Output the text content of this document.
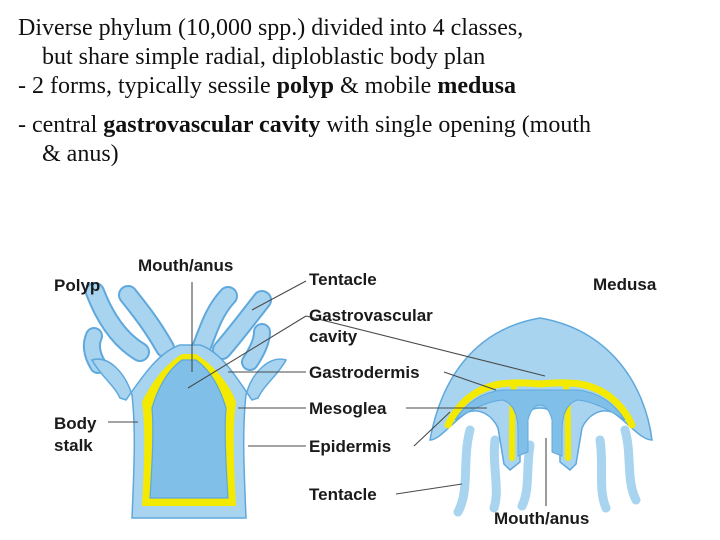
Diverse phylum (10,000 spp.) divided into 4 classes,
but share simple radial, diploblastic body plan
- 2 forms, typically sessile polyp & mobile medusa
- central gastrovascular cavity with single opening (mouth
& anus)
Polyp	Medusa
Mouth/anus
Tentacle
Gastrovascular
cavity
Gastrodermis
Mesoglea
Epidermis
Tentacle
Mouth/anus
Body
stalk
